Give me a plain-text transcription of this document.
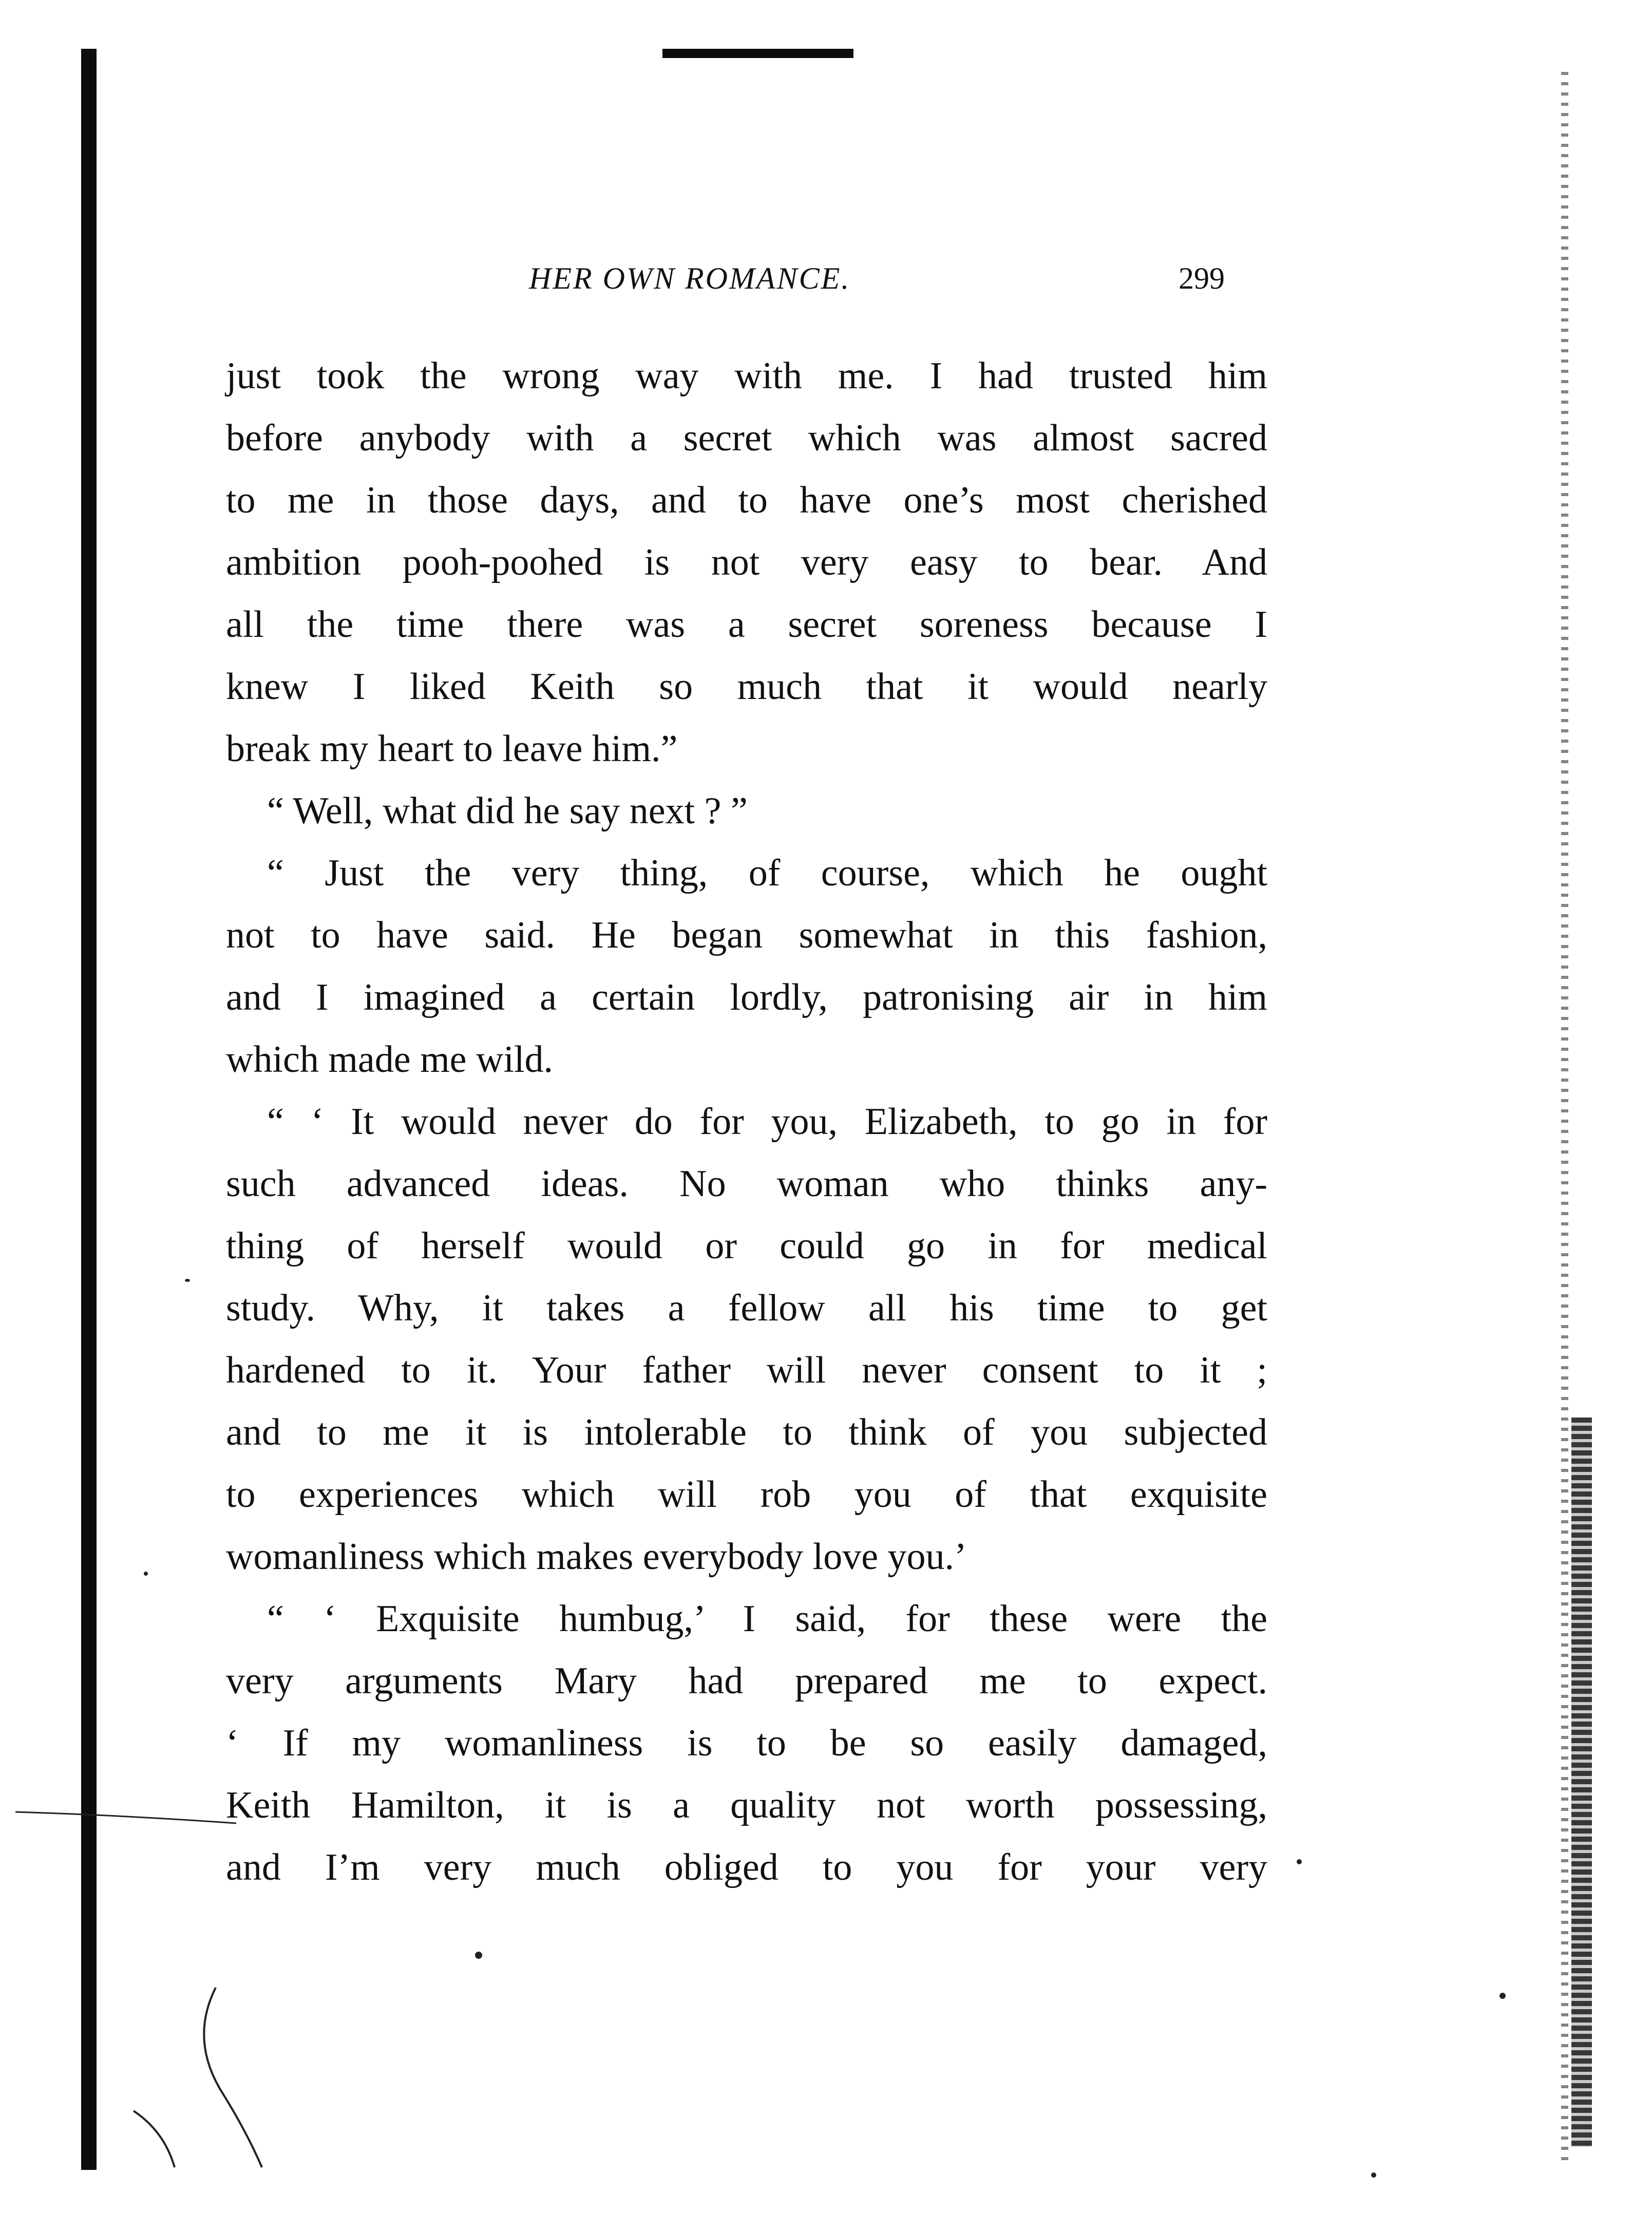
HER OWN ROMANCE.	299
just took the wrong way with me. I had trusted him
before anybody with a secret which was almost sacred
to me in those days, and to have one’s most cherished
ambition pooh-poohed is not very easy to bear. And
all the time there was a secret soreness because I
knew I liked Keith so much that it would nearly
break my heart to leave him.”
“ Well, what did he say next ? ”
“ Just the very thing, of course, which he ought
not to have said. He began somewhat in this fashion,
and I imagined a certain lordly, patronising air in him
which made me wild.
“ ‘ It would never do for you, Elizabeth, to go in for
such advanced ideas. No woman who thinks any-
thing of herself would or could go in for medical
study. Why, it takes a fellow all his time to get
hardened to it. Your father will never consent to it ;
and to me it is intolerable to think of you subjected
to experiences which will rob you of that exquisite
womanliness which makes everybody love you.’
“ ‘ Exquisite humbug,’ I said, for these were the
very arguments Mary had prepared me to expect.
‘ If my womanliness is to be so easily damaged,
Keith Hamilton, it is a quality not worth possessing,
and I’m very much obliged to you for your very
